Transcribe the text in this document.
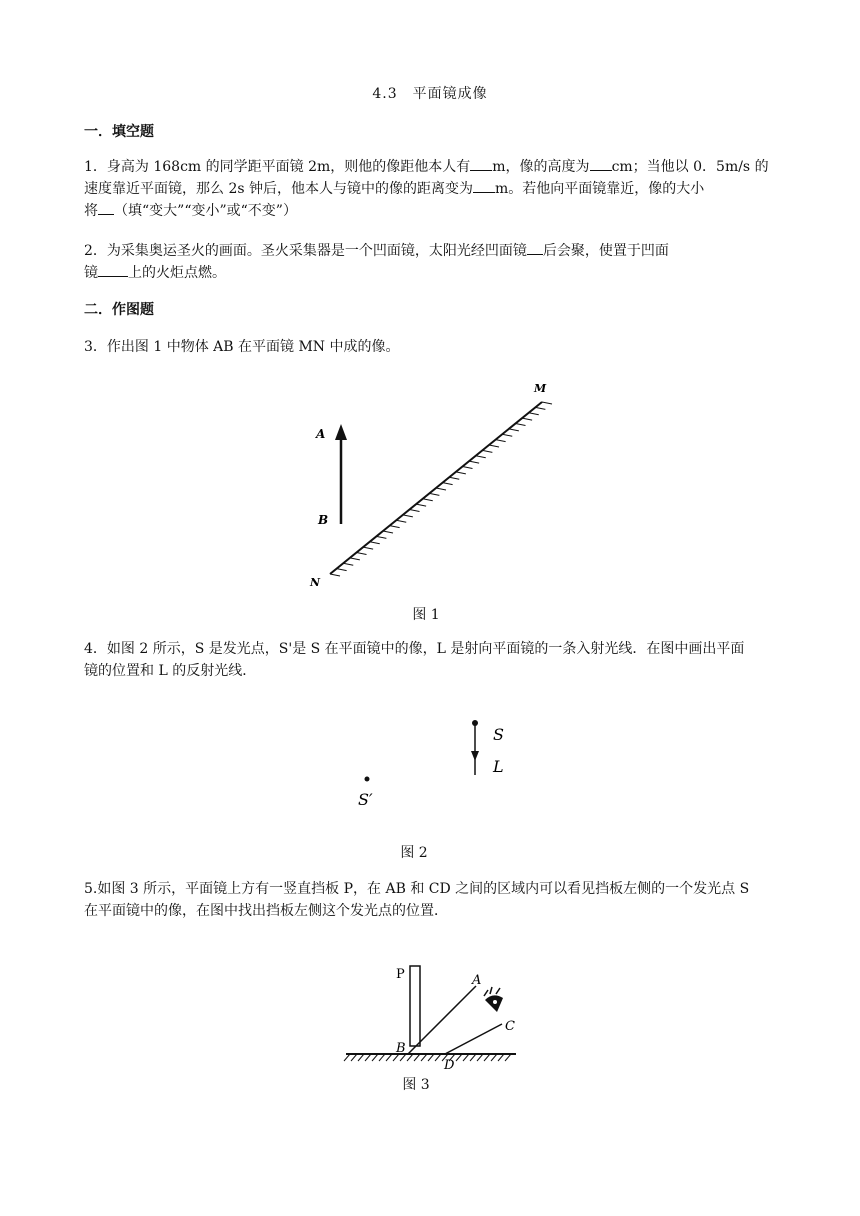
4.3　平面镜成像
一．填空题
1．身高为 168cm 的同学距平面镜 2m，则他的像距他本人有 m，像的高度为 cm；当他以 0．5m/s 的
速度靠近平面镜，那么 2s 钟后，他本人与镜中的像的距离变为 m。若他向平面镜靠近，像的大小
将 （填“变大”“变小”或“不变”）
2．为采集奥运圣火的画面。圣火采集器是一个凹面镜，太阳光经凹面镜 后会聚，使置于凹面
镜 上的火炬点燃。
二．作图题
3．作出图 1 中物体 AB 在平面镜 MN 中成的像。
A
B
M
N
图 1
4．如图 2 所示，S 是发光点，S'是 S 在平面镜中的像，L 是射向平面镜的一条入射光线．在图中画出平面
镜的位置和 L 的反射光线．
S
L
S′
图 2
5.如图 3 所示，平面镜上方有一竖直挡板 P，在 AB 和 CD 之间的区域内可以看见挡板左侧的一个发光点 S
在平面镜中的像，在图中找出挡板左侧这个发光点的位置．
P	A
B
C
D
图 3
